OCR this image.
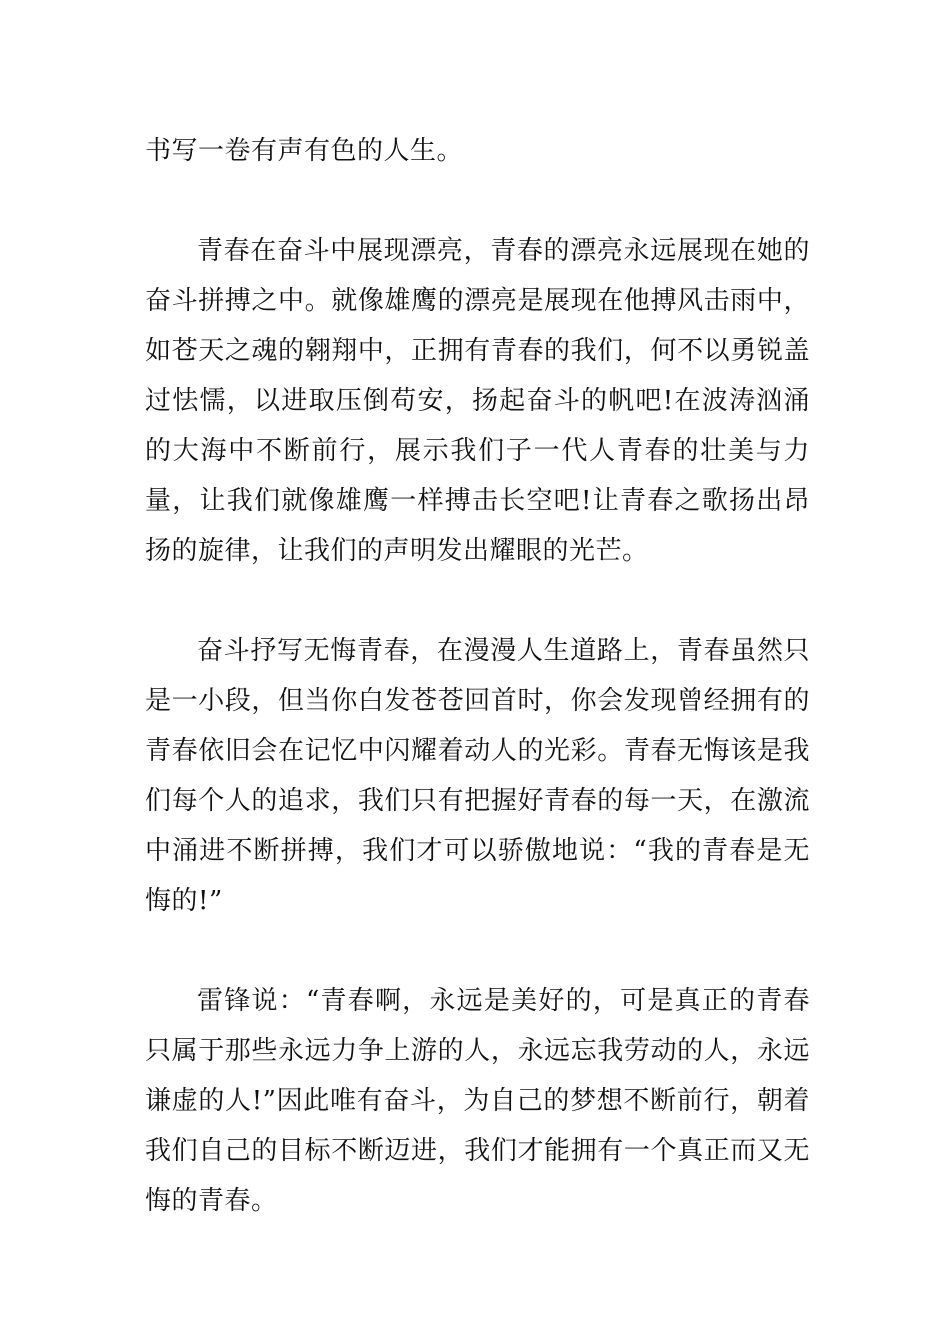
书写一卷有声有色的人生。

青春在奋斗中展现漂亮，青春的漂亮永远展现在她的奋斗拼搏之中。就像雄鹰的漂亮是展现在他搏风击雨中，如苍天之魂的翱翔中，正拥有青春的我们，何不以勇锐盖过怯懦，以进取压倒苟安，扬起奋斗的帆吧!在波涛汹涌的大海中不断前行，展示我们子一代人青春的壮美与力量，让我们就像雄鹰一样搏击长空吧!让青春之歌扬出昂扬的旋律，让我们的声明发出耀眼的光芒。

奋斗抒写无悔青春，在漫漫人生道路上，青春虽然只是一小段，但当你白发苍苍回首时，你会发现曾经拥有的青春依旧会在记忆中闪耀着动人的光彩。青春无悔该是我们每个人的追求，我们只有把握好青春的每一天，在激流中涌进不断拼搏，我们才可以骄傲地说：“我的青春是无悔的!”

雷锋说：“青春啊，永远是美好的，可是真正的青春只属于那些永远力争上游的人，永远忘我劳动的人，永远谦虚的人!”因此唯有奋斗，为自己的梦想不断前行，朝着我们自己的目标不断迈进，我们才能拥有一个真正而又无悔的青春。
